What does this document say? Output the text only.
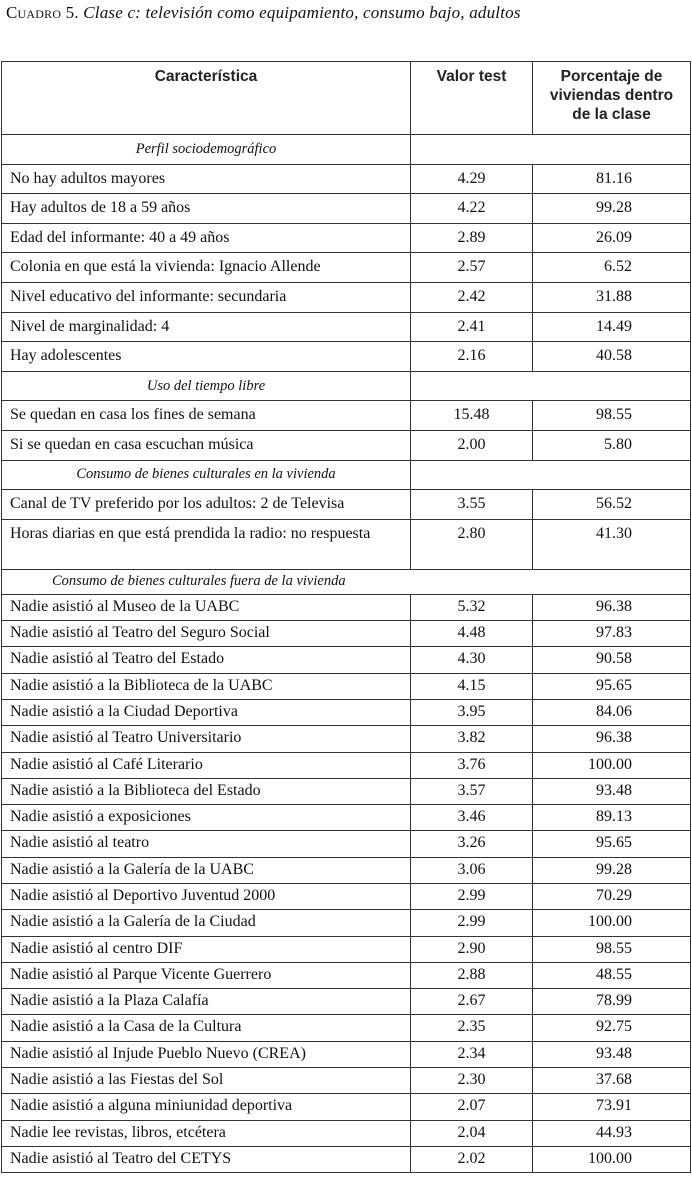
Cuadro 5. Clase c: televisión como equipamiento, consumo bajo, adultos
Característica	Valor test	Porcentaje de viviendas dentro de la clase
Perfil sociodemográfico		
No hay adultos mayores	4.29	81.16
Hay adultos de 18 a 59 años	4.22	99.28
Edad del informante: 40 a 49 años	2.89	26.09
Colonia en que está la vivienda: Ignacio Allende	2.57	6.52
Nivel educativo del informante: secundaria	2.42	31.88
Nivel de marginalidad: 4	2.41	14.49
Hay adolescentes	2.16	40.58
Uso del tiempo libre		
Se quedan en casa los fines de semana	15.48	98.55
Si se quedan en casa escuchan música	2.00	5.80
Consumo de bienes culturales en la vivienda		
Canal de TV preferido por los adultos: 2 de Televisa	3.55	56.52
Horas diarias en que está prendida la radio: no respuesta	2.80	41.30
Consumo de bienes culturales fuera de la vivienda		
Nadie asistió al Museo de la UABC	5.32	96.38
Nadie asistió al Teatro del Seguro Social	4.48	97.83
Nadie asistió al Teatro del Estado	4.30	90.58
Nadie asistió a la Biblioteca de la UABC	4.15	95.65
Nadie asistió a la Ciudad Deportiva	3.95	84.06
Nadie asistió al Teatro Universitario	3.82	96.38
Nadie asistió al Café Literario	3.76	100.00
Nadie asistió a la Biblioteca del Estado	3.57	93.48
Nadie asistió a exposiciones	3.46	89.13
Nadie asistió al teatro	3.26	95.65
Nadie asistió a la Galería de la UABC	3.06	99.28
Nadie asistió al Deportivo Juventud 2000	2.99	70.29
Nadie asistió a la Galería de la Ciudad	2.99	100.00
Nadie asistió al centro DIF	2.90	98.55
Nadie asistió al Parque Vicente Guerrero	2.88	48.55
Nadie asistió a la Plaza Calafía	2.67	78.99
Nadie asistió a la Casa de la Cultura	2.35	92.75
Nadie asistió al Injude Pueblo Nuevo (CREA)	2.34	93.48
Nadie asistió a las Fiestas del Sol	2.30	37.68
Nadie asistió a alguna miniunidad deportiva	2.07	73.91
Nadie lee revistas, libros, etcétera	2.04	44.93
Nadie asistió al Teatro del CETYS	2.02	100.00
